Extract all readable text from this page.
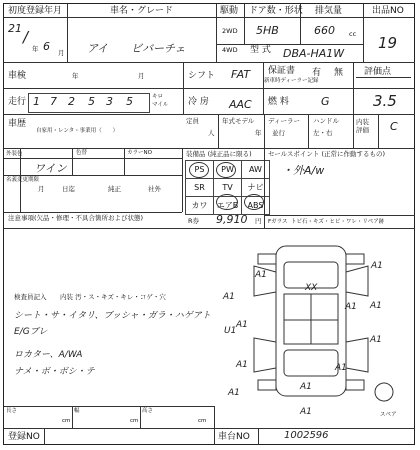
初度登録年月	車名・グレード	駆動 ドア数・形状 排気量	出品NO
2WD
4WD 型 式
cc
年	月
21 /
6	アイ ビバーチェ
5HB	660
DBA-HA1W
19
車検	年	月	シフト FAT 保証書
新車時ディーラー記録
有 無 評価点
走行 1 7 2 5 3 5	キロ
マイル 冷 房 AAC 燃 料	G	3.5
車歴
自家用・レンタ・事業用（　　）
定員
人
年式モデル
年
ディーラー
並行
ハンドル
左・右
内装
評価 C
外装色
ワイン
色替	カラーNO
名義変更期限
月	日迄	純正	社外
装備品 (純正品に限る)
PS	PW	AW
SR	TV	ナビ
カワ	エアB	ABS
R券 9,910 円
セールスポイント (正常に作動するもの)
・外A/w
Fガラス トビ石・キズ・ヒビ・ワレ・リペア跡
注意事項(欠品・修理・不具合箇所および状態)
検査員記入 内装 汚・ス・キズ・キレ・コゲ・穴
シート・サ・イタリ、ブッシャ・ガラ・ハゲアト
E/Gブレ
ロカター、A/WA
ナメ・ボ・ボシ・テ
A1
A1
A1
A1
A1
U1
A1
A1
A1
A1
A1
A1
XX
A1
スペア
長さ
cm
幅
cm
高さ
cm
登録NO	車台NO	1002596
